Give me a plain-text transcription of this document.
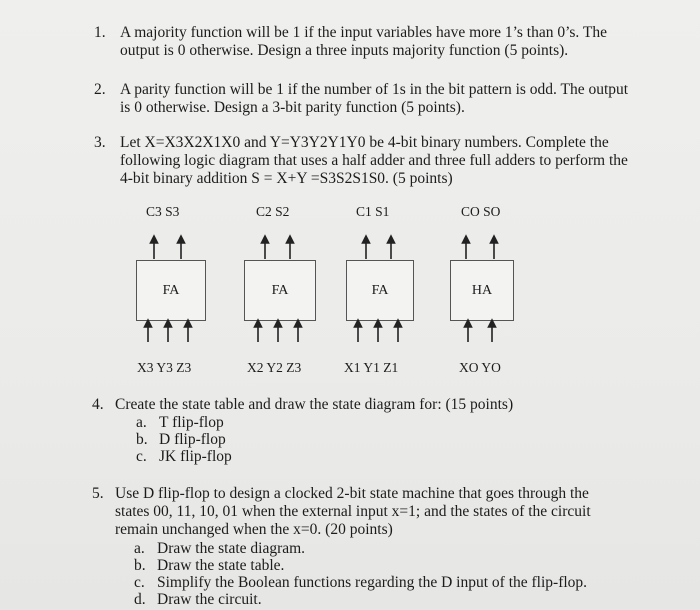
1. A majority function will be 1 if the input variables have more 1’s than 0’s. The
output is 0 otherwise. Design a three inputs majority function (5 points).
2. A parity function will be 1 if the number of 1s in the bit pattern is odd. The output
is 0 otherwise. Design a 3-bit parity function (5 points).
3. Let X=X3X2X1X0 and Y=Y3Y2Y1Y0 be 4-bit binary numbers. Complete the
following logic diagram that uses a half adder and three full adders to perform the
4-bit binary addition S = X+Y =S3S2S1S0. (5 points)
C3 S3	C2 S2	C1 S1	CO SO
FA	FA	FA	HA
X3 Y3 Z3	X2 Y2 Z3	X1 Y1 Z1	XO YO
4. Create the state table and draw the state diagram for: (15 points)
a. T flip-flop
b. D flip-flop
c. JK flip-flop
5. Use D flip-flop to design a clocked 2-bit state machine that goes through the
states 00, 11, 10, 01 when the external input x=1; and the states of the circuit
remain unchanged when the x=0. (20 points)
a. Draw the state diagram.
b. Draw the state table.
c. Simplify the Boolean functions regarding the D input of the flip-flop.
d. Draw the circuit.
